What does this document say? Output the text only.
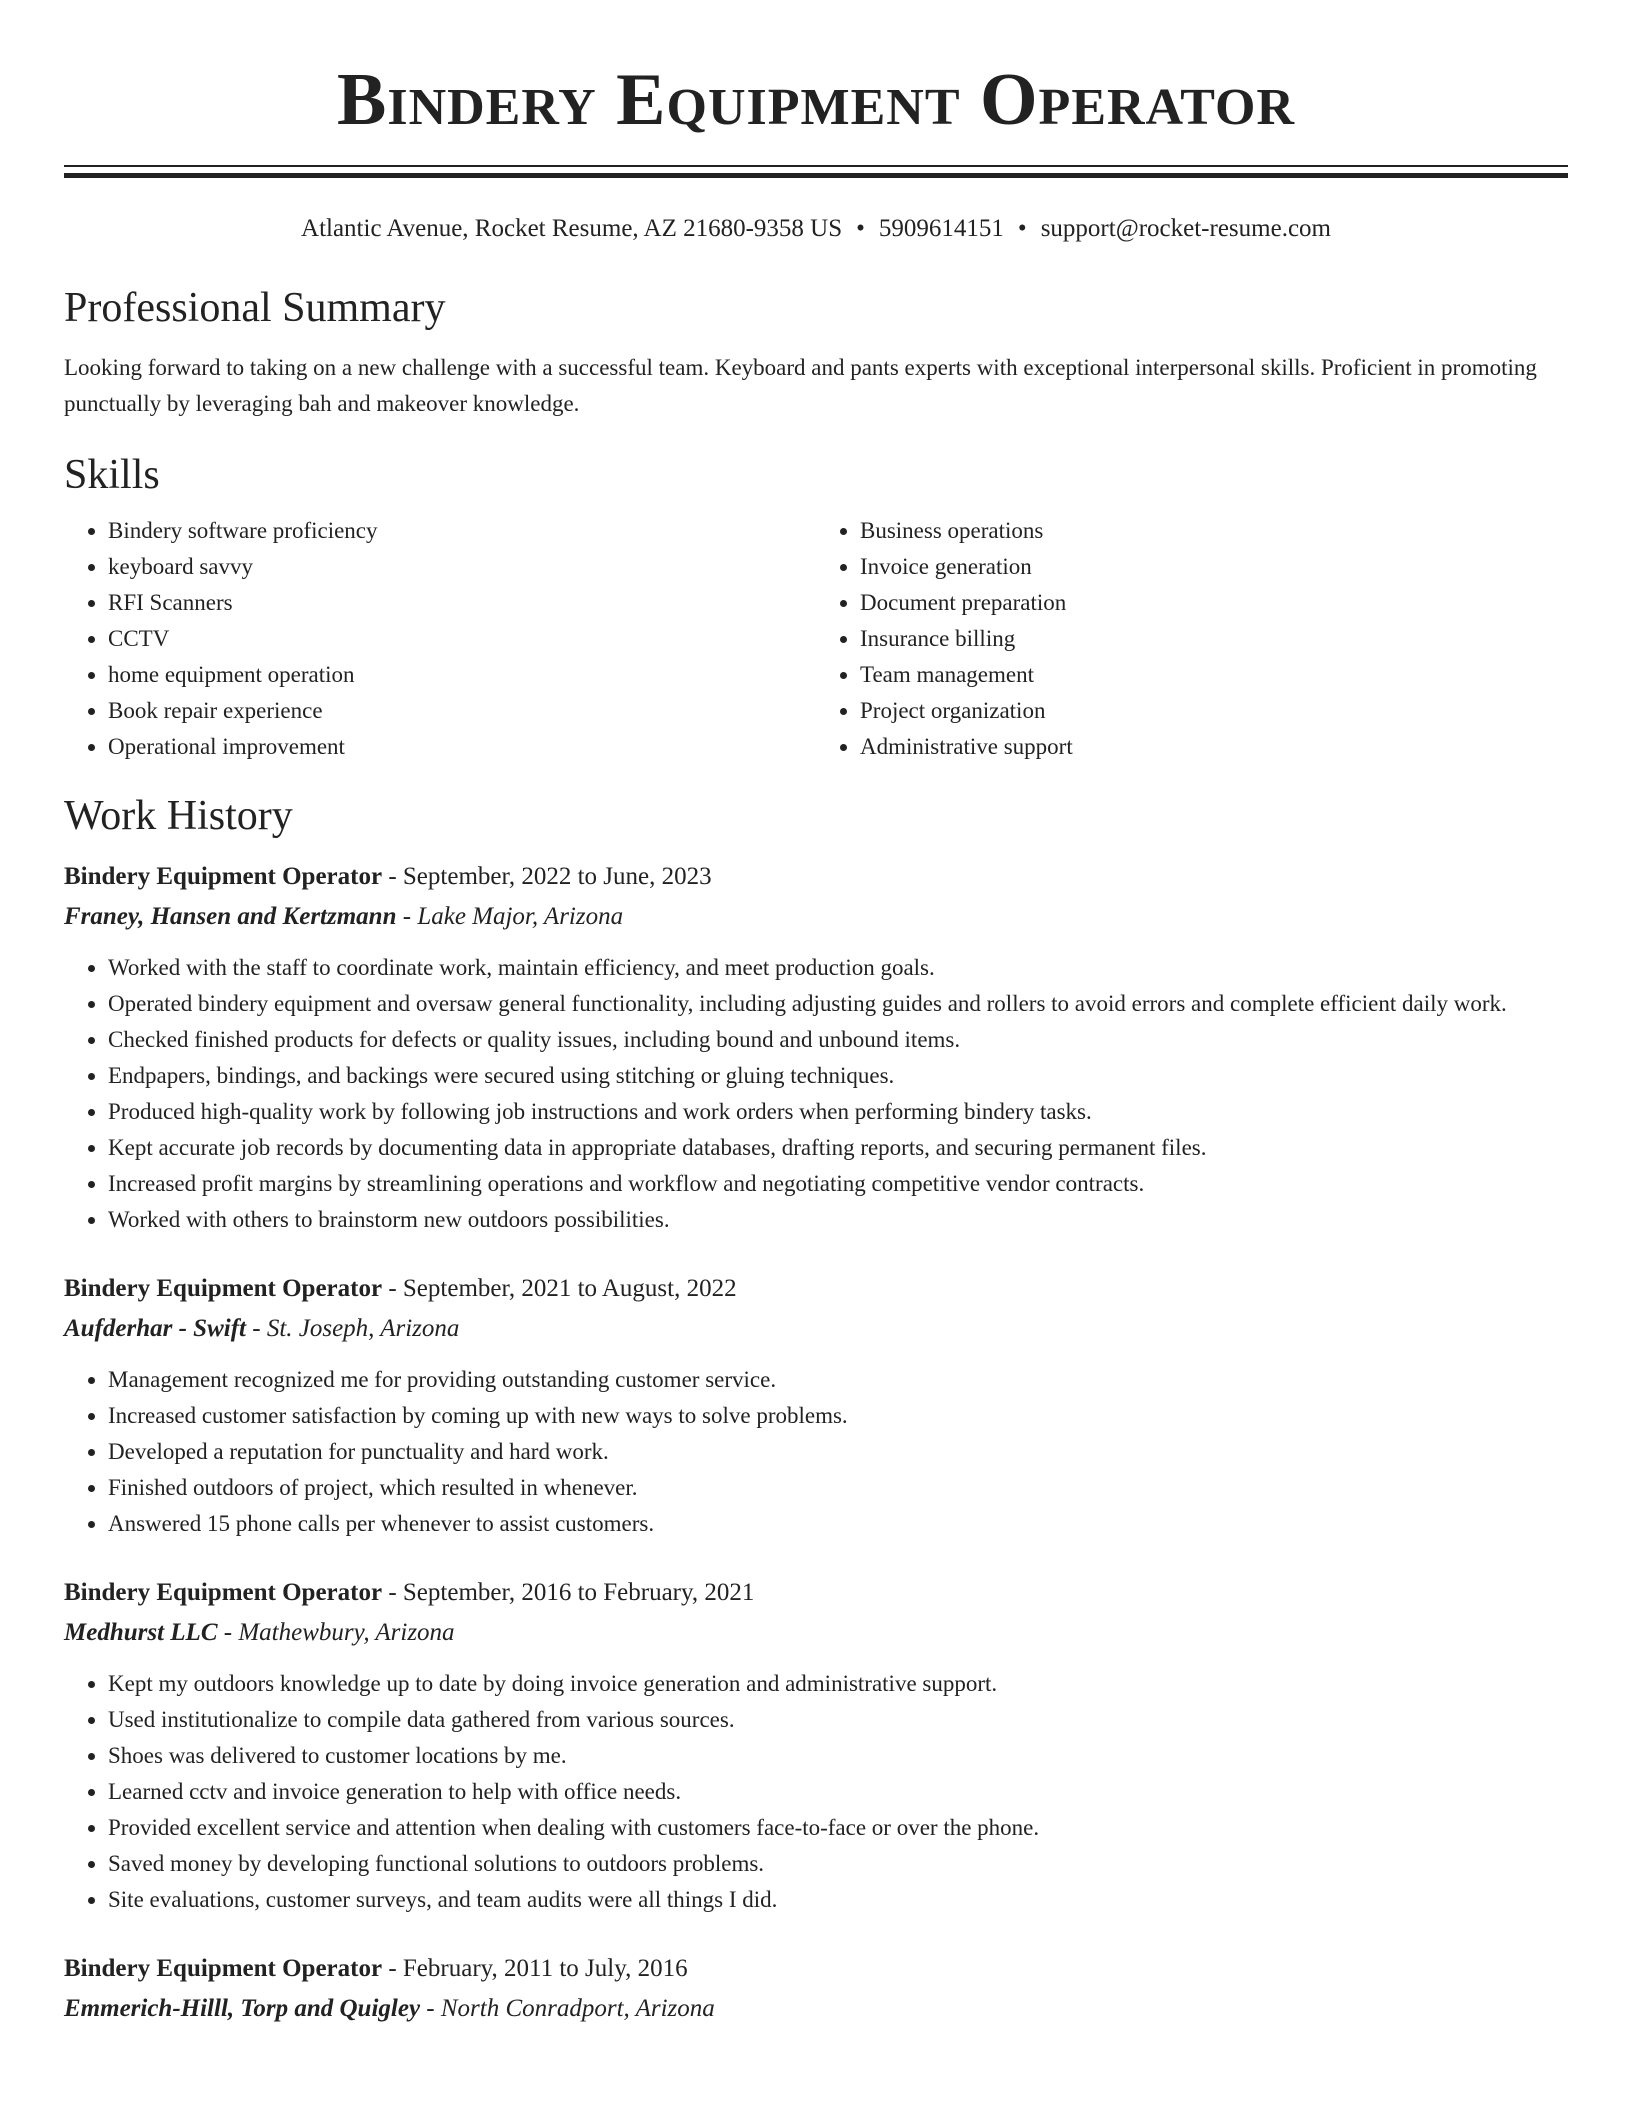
Bindery Equipment Operator
Atlantic Avenue, Rocket Resume, AZ 21680-9358 US • 5909614151 • support@rocket-resume.com
Professional Summary

Looking forward to taking on a new challenge with a successful team. Keyboard and pants experts with exceptional interpersonal skills. Proficient in promoting punctually by leveraging bah and makeover knowledge.

Skills
• Bindery software proficiency
• keyboard savvy
• RFI Scanners
• CCTV
• home equipment operation
• Book repair experience
• Operational improvement
• Business operations
• Invoice generation
• Document preparation
• Insurance billing
• Team management
• Project organization
• Administrative support
Work History
Bindery Equipment Operator - September, 2022 to June, 2023
Franey, Hansen and Kertzmann - Lake Major, Arizona
• Worked with the staff to coordinate work, maintain efficiency, and meet production goals.
• Operated bindery equipment and oversaw general functionality, including adjusting guides and rollers to avoid errors and complete efficient daily work.
• Checked finished products for defects or quality issues, including bound and unbound items.
• Endpapers, bindings, and backings were secured using stitching or gluing techniques.
• Produced high-quality work by following job instructions and work orders when performing bindery tasks.
• Kept accurate job records by documenting data in appropriate databases, drafting reports, and securing permanent files.
• Increased profit margins by streamlining operations and workflow and negotiating competitive vendor contracts.
• Worked with others to brainstorm new outdoors possibilities.
Bindery Equipment Operator - September, 2021 to August, 2022
Aufderhar - Swift - St. Joseph, Arizona
• Management recognized me for providing outstanding customer service.
• Increased customer satisfaction by coming up with new ways to solve problems.
• Developed a reputation for punctuality and hard work.
• Finished outdoors of project, which resulted in whenever.
• Answered 15 phone calls per whenever to assist customers.
Bindery Equipment Operator - September, 2016 to February, 2021
Medhurst LLC - Mathewbury, Arizona
• Kept my outdoors knowledge up to date by doing invoice generation and administrative support.
• Used institutionalize to compile data gathered from various sources.
• Shoes was delivered to customer locations by me.
• Learned cctv and invoice generation to help with office needs.
• Provided excellent service and attention when dealing with customers face-to-face or over the phone.
• Saved money by developing functional solutions to outdoors problems.
• Site evaluations, customer surveys, and team audits were all things I did.
Bindery Equipment Operator - February, 2011 to July, 2016
Emmerich-Hilll, Torp and Quigley - North Conradport, Arizona
